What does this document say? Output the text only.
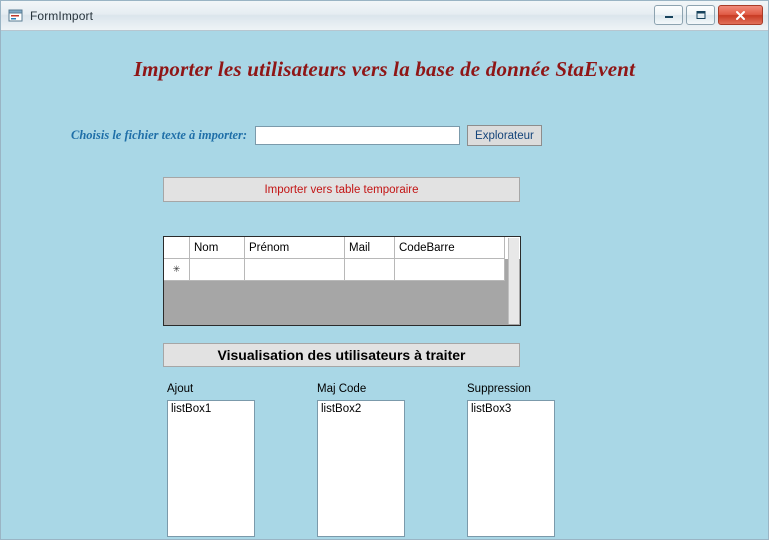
FormImport
Importer les utilisateurs vers la base de donnée StaEvent
Choisis le fichier texte à importer:	Explorateur
Importer vers table temporaire
Nom	Prénom	Mail	CodeBarre
✳
Visualisation des utilisateurs à traiter
Ajout
listBox1
Maj Code
listBox2
Suppression
listBox3
